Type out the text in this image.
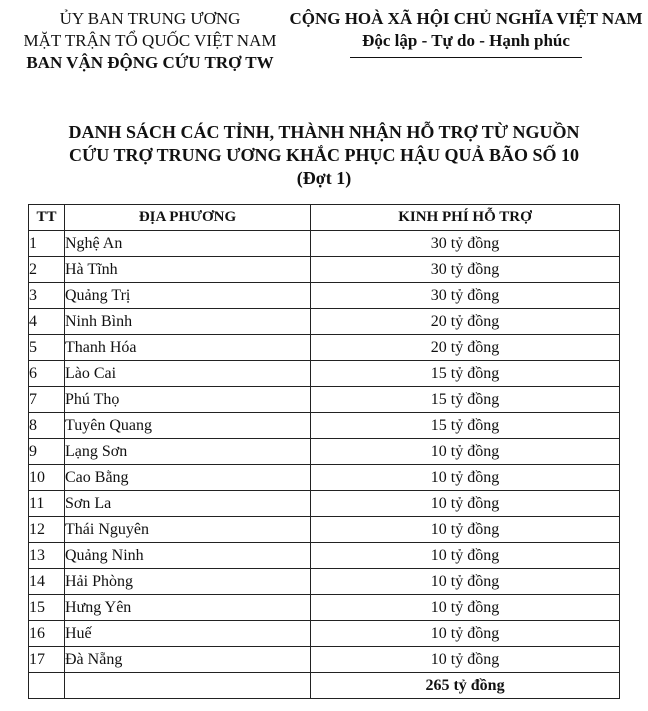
ỦY BAN TRUNG ƯƠNG
MẶT TRẬN TỔ QUỐC VIỆT NAM
BAN VẬN ĐỘNG CỨU TRỢ TW
CỘNG HOÀ XÃ HỘI CHỦ NGHĨA VIỆT NAM
Độc lập - Tự do - Hạnh phúc
DANH SÁCH CÁC TỈNH, THÀNH NHẬN HỖ TRỢ TỪ NGUỒN
CỨU TRỢ TRUNG ƯƠNG KHẮC PHỤC HẬU QUẢ BÃO SỐ 10
(Đợt 1)
TT	ĐỊA PHƯƠNG	KINH PHÍ HỖ TRỢ
1	Nghệ An	30 tỷ đồng
2	Hà Tĩnh	30 tỷ đồng
3	Quảng Trị	30 tỷ đồng
4	Ninh Bình	20 tỷ đồng
5	Thanh Hóa	20 tỷ đồng
6	Lào Cai	15 tỷ đồng
7	Phú Thọ	15 tỷ đồng
8	Tuyên Quang	15 tỷ đồng
9	Lạng Sơn	10 tỷ đồng
10	Cao Bằng	10 tỷ đồng
11	Sơn La	10 tỷ đồng
12	Thái Nguyên	10 tỷ đồng
13	Quảng Ninh	10 tỷ đồng
14	Hải Phòng	10 tỷ đồng
15	Hưng Yên	10 tỷ đồng
16	Huế	10 tỷ đồng
17	Đà Nẵng	10 tỷ đồng
		265 tỷ đồng
